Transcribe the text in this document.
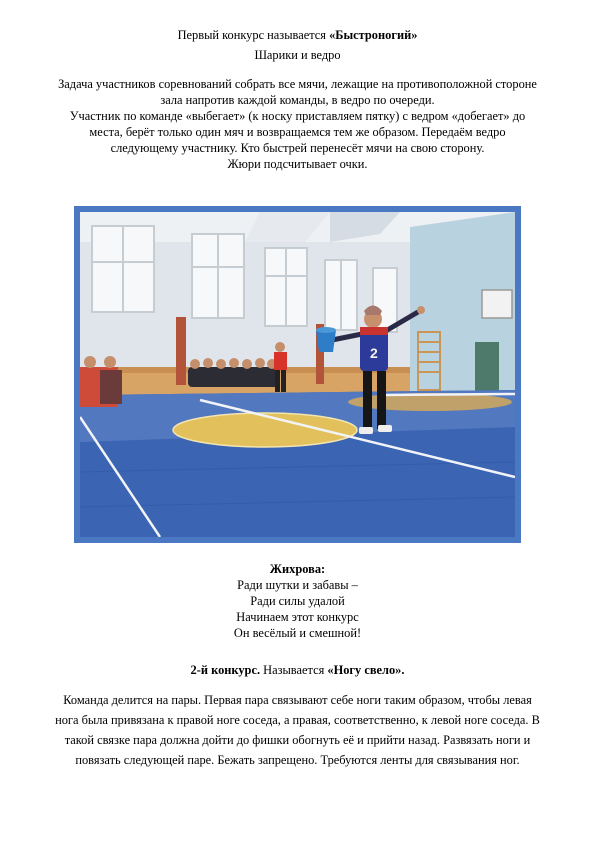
Первый конкурс называется «Быстроногий»
Шарики и ведро
Задача участников соревнований собрать все мячи, лежащие на противоположной стороне
зала напротив каждой команды, в ведро по очереди.
Участник по команде «выбегает» (к носку приставляем пятку) с ведром «добегает» до
места, берёт только один мяч и возвращаемся тем же образом. Передаём ведро
следующему участнику. Кто быстрей перенесёт мячи на свою сторону.
Жюри подсчитывает очки.
2
Жихрова:
Ради шутки и забавы –
Ради силы удалой
Начинаем этот конкурс
Он весёлый и смешной!
2-й конкурс. Называется «Ногу свело».
Команда делится на пары. Первая пара связывают себе ноги таким образом, чтобы левая
нога была привязана к правой ноге соседа, а правая, соответственно, к левой ноге соседа. В
такой связке пара должна дойти до фишки обогнуть её и прийти назад. Развязать ноги и
повязать следующей паре. Бежать запрещено. Требуются ленты для связывания ног.
